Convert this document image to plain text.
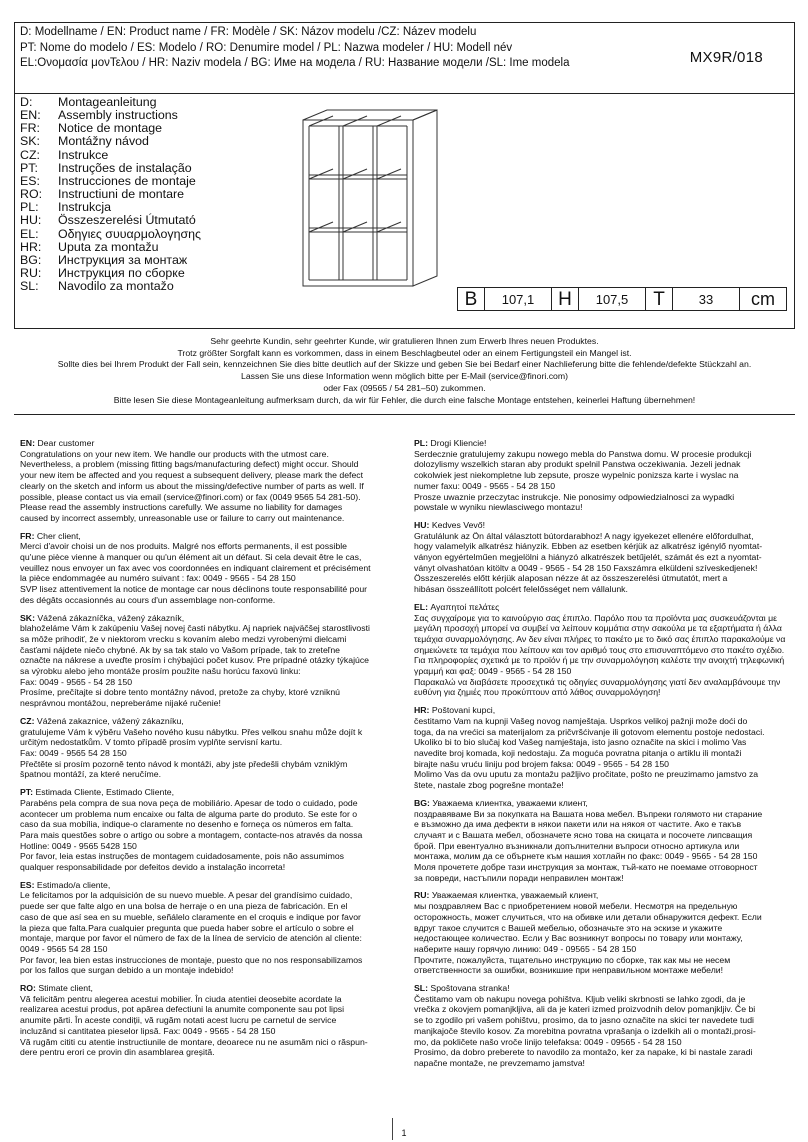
D: Modellname / EN: Product name / FR: Modèle / SK: Názov modelu /CZ: Název modelu
PT: Nome do modelo / ES: Modelo / RO: Denumire model / PL: Nazwa modeler / HU: Modell név
EL:Ονομασία μονΤελου / HR: Naziv modela / BG: Име на модела / RU: Название модели /SL: Ime modela	MX9R/018
D: Montageanleitung
EN: Assembly instructions
FR: Notice de montage
SK: Montážny návod
CZ: Instrukce
PT: Instruções de instalação
ES: Instrucciones de montaje
RO: Instructiuni de montare
PL: Instrukcja
HU: Összeszerelési Útmutató
EL: Οδηγιες συυαρμολογησης
HR: Uputa za montažu
BG: Инструкция за монтаж
RU: Инструкция по сборке
SL: Navodilo za montažo
B	107,1	H	107,5	T	33	cm
Sehr geehrte Kundin, sehr geehrter Kunde, wir gratulieren Ihnen zum Erwerb Ihres neuen Produktes.
Trotz größter Sorgfalt kann es vorkommen, dass in einem Beschlagbeutel oder an einem Fertigungsteil ein Mangel ist.
Sollte dies bei Ihrem Produkt der Fall sein, kennzeichnen Sie dies bitte deutlich auf der Skizze und geben Sie bei Bedarf einer Nachlieferung bitte die fehlende/defekte Stückzahl an.
Lassen Sie uns diese Information wenn möglich bitte per E-Mail (service@finori.com)
oder Fax (09565 / 54 281–50) zukommen.
Bitte lesen Sie diese Montageanleitung aufmerksam durch, da wir für Fehler, die durch eine falsche Montage entstehen, keinerlei Haftung übernehmen!

EN: Dear customer

Congratulations on your new item. We handle our products with the utmost care.

Nevertheless, a problem (missing fitting bags/manufacturing defect) might occur. Should

your new item be affected and you request a subsequent delivery, please mark the defect

clearly on the sketch and inform us about the missing/defective number of parts as well. If

possible, please contact us via email (service@finori.com) or fax (0049 9565 54 281-50).

Please read the assembly instructions carefully. We assume no liability for damages

caused by incorrect assembly, unreasonable use or failure to carry out maintenance.

FR: Cher client,

Merci d'avoir choisi un de nos produits. Malgré nos efforts permanents, il est possible

qu'une pièce vienne à manquer ou qu'un élément ait un défaut. Si cela devait être le cas,

veuillez nous envoyer un fax avec vos coordonnées en indiquant clairement et précisément

la pièce endommagée au numéro suivant : fax: 0049 - 9565 - 54 28 150

SVP lisez attentivement la notice de montage car nous déclinons toute responsabilité pour

des dégâts occasionnés au cours d'un assemblage non-conforme.

SK: Vážená zákazníčka, vážený zákazník,

blahoželáme Vám k zakúpeniu Vašej novej časti nábytku. Aj napriek najväčšej starostlivosti

sa môže prihodiť, že v niektorom vrecku s kovaním alebo medzi vyrobenými dielcami

časťami nájdete niečo chybné. Ak by sa tak stalo vo Vašom prípade, tak to zreteľne

označte na nákrese a uveďte prosím i chýbajúci počet kusov. Pre prípadné otázky týkajúce

sa výrobku alebo jeho montáže prosím použite našu horúcu faxovú linku:

Fax: 0049 - 9565 - 54 28 150

Prosíme, prečítajte si dobre tento montážny návod, pretože za chyby, ktoré vzniknú

nesprávnou montážou, nepreberáme nijaké ručenie!

CZ: Vážená zakaznice, vážený zákazníku,

gratulujeme Vám k výběru Vašeho nového kusu nábytku. Přes velkou snahu může dojít k

určitým nedostatkům. V tomto případě prosím vyplňte servisní kartu.

Fax: 0049 - 9565 54 28 150

Přečtěte si prosím pozorně tento návod k montáži, aby jste předešli chybám vzniklým

špatnou montáží, za které neručíme.

PT: Estimada Cliente, Estimado Cliente,

Parabéns pela compra de sua nova peça de mobiliário. Apesar de todo o cuidado, pode

acontecer um problema num encaixe ou falta de alguma parte do produto. Se este for o

caso da sua mobília, indique-o claramente no desenho e forneça os números em falta.

Para mais questões sobre o artigo ou sobre a montagem, contacte-nos através da nossa

Hotline: 0049 - 9565 5428 150

Por favor, leia estas instruções de montagem cuidadosamente, pois não assumimos

qualquer responsabilidade por defeitos devido a instalação incorreta!

ES: Estimado/a cliente,

Le felicitamos por la adquisición de su nuevo mueble. A pesar del grandísimo cuidado,

puede ser que falte algo en una bolsa de herraje o en una pieza de fabricación. En el

caso de que así sea en su mueble, señálelo claramente en el croquis e indique por favor

la pieza que falta.Para cualquier pregunta que pueda haber sobre el artículo o sobre el

montaje, marque por favor el número de fax de la línea de servicio de atención al cliente:

0049 - 9565 54 28 150

Por favor, lea bien estas instrucciones de montaje, puesto que no nos responsabilizamos

por los fallos que surgan debido a un montaje indebido!

RO: Stimate client,

Vă felicităm pentru alegerea acestui mobilier. În ciuda atentiei deosebite acordate la

realizarea acestui produs, pot apărea defectiuni la anumite componente sau pot lipsi

anumite părti. În aceste condiții, vă rugăm notati acest lucru pe carnetul de service

incluzând si cantitatea pieselor lipsă. Fax: 0049 - 9565 - 54 28 150

Vă rugăm cititi cu atentie instructiunile de montare, deoarece nu ne asumăm nici o răspun-

dere pentru erori ce provin din asamblarea greșită.

PL: Drogi Kliencie!

Serdecznie gratulujemy zakupu nowego mebla do Panstwa domu. W procesie produkcji

dolozylismy wszelkich staran aby produkt spelnil Panstwa oczekiwania. Jezeli jednak

cokolwiek jest niekompletne lub zepsute, prosze wypelnic ponizsza karte i wyslac na

numer faxu: 0049 - 9565 - 54 28 150

Prosze uwaznie przeczytac instrukcje. Nie ponosimy odpowiedzialnosci za wypadki

powstale w wyniku niewlasciwego montazu!

HU: Kedves Vevő!

Gratulálunk az Ön által választott bútordarabhoz! A nagy igyekezet ellenére előfordulhat,

hogy valamelyik alkatrész hiányzik. Ebben az esetben kérjük az alkatrész igénylő nyomtat-

ványon egyértelműen megjelölni a hiányzó alkatrészek betűjelét, számát és ezt a nyomtat-

ványt olvashatóan kitöltv a 0049 - 9565 - 54 28 150 Faxszámra elküldeni szíveskedjenek!

Összeszerelés előtt kérjük alaposan nézze át az összeszerelési útmutatót, mert a

hibásan összeállított polcért felelősséget nem vállalunk.

EL: Αγαπητοί πελάτες

Σας συγχαίρομε για το καινούργιο σας έπιπλο. Παρόλο που τα προϊόντα μας συσκευάζονται με

μεγάλη προσοχή μπορεί να συμβεί να λείπουν κομμάτια στην σακούλα με τα εξαρτήματα ή άλλα

τεμάχια συναρμολόγησης. Αν δεν είναι πλήρες το πακέτο με το δικό σας έπιπλο παρακαλούμε να

σημειώνετε τα τεμάχια που λείπουν και τον αριθμό τους στο επισυναπτόμενο στο πακέτο σχέδιο.

Για πληροφορίες σχετικά με το προϊόν ή με την συναρμολόγηση καλέστε την ανοιχτή τηλεφωνική

γραμμή και φαξ: 0049 - 9565 - 54 28 150

Παρακαλώ να διαβάσετε προσεχτικά τις οδηγίες συναρμολόγησης γιατί δεν αναλαμβάνουμε την

ευθύνη για ζημιές που προκύπτουν από λάθος συναρμολόγηση!

HR: Poštovani kupci,

čestitamo Vam na kupnji Vašeg novog namještaja. Usprkos velikoj pažnji može doći do

toga, da na vrećici sa materijalom za pričvršćivanje ili gotovom elementu postoje nedostaci.

Ukoliko bi to bio slučaj kod Vašeg namještaja, isto jasno označite na skici i molimo Vas

navedite broj komada, koji nedostaju. Za moguća povratna pitanja o artiklu ili montaži

birajte našu vruću liniju pod brojem faksa: 0049 - 9565 - 54 28 150

Molimo Vas da ovu uputu za montažu pažljivo pročitate, pošto ne preuzimamo jamstvo za

štete, nastale zbog pogrešne montaže!

BG: Уважаема клиентка, уважаеми клиент,

поздравяваме Ви за покупката на Вашата нова мебел. Въпреки голямото ни старание

е възможно да има дефекти в някои пакети или на някоя от частите. Ако е такъв

случаят и с Вашата мебел, обозначете ясно това на скицата и посочете липсващия

брой. При евентуално възникнали допълнителни въпроси относно артикула или

монтажа, молим да се обърнете към нашия хотлайн по факс: 0049 - 9565 - 54 28 150

Моля прочетете добре тази инструкция за монтаж, тъй-като не поемаме отговорност

за повреди, настъпили поради неправилен монтаж!

RU: Уважаемая клиентка, уважаемый клиент,

мы поздравляем Вас с приобретением новой мебели. Несмотря на предельную

осторожность, может случиться, что на обивке или детали обнаружится дефект. Если

вдруг такое случится с Вашей мебелью, обозначьте это на эскизе и укажите

недостающее количество. Если у Вас возникнут вопросы по товару или монтажу,

наберите нашу горячую линию: 049 - 09565 - 54 28 150

Прочтите, пожалуйста, тщательно инструкцию по сборке, так как мы не несем

ответственности за ошибки, возникшие при неправильном монтаже мебели!

SL: Spoštovana stranka!

Čestitamo vam ob nakupu novega pohištva. Kljub veliki skrbnosti se lahko zgodi, da je

vrečka z okovjem pomanjkljiva, ali da je kateri izmed proizvodnih delov pomanjkljiv. Če bi

se to zgodilo pri vašem pohištvu, prosimo, da to jasno označite na skici ter navedete tudi

manjkajoče število kosov. Za morebitna povratna vprašanja o izdelkih ali o montaži,prosi-

mo, da pokličete našo vroče linijo telefaksa: 0049 - 09565 - 54 28 150

Prosimo, da dobro preberete to navodilo za montažo, ker za napake, ki bi nastale zaradi

napačne montaže, ne prevzemamo jamstva!

1
